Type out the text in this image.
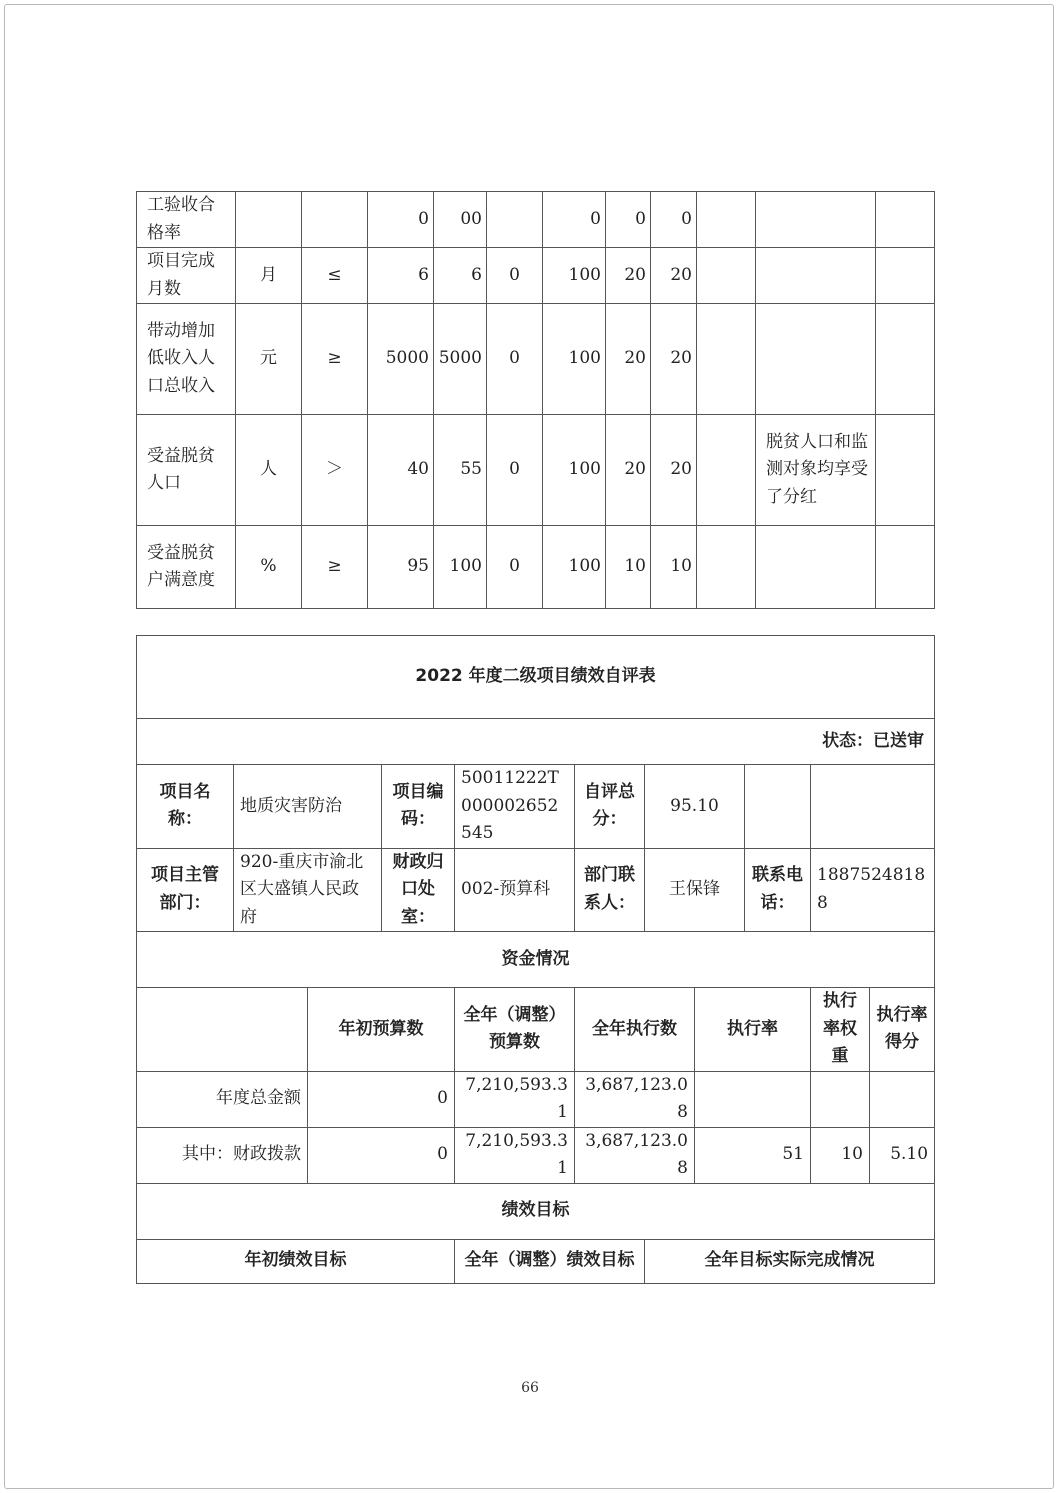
工验收合格率			0	00		0	0	0			
项目完成月数	月	≤	6	6	0	100	20	20			
带动增加低收入人口总收入	元	≥	5000	5000	0	100	20	20			
受益脱贫人口	人	＞	40	55	0	100	20	20		脱贫人口和监测对象均享受了分红	
受益脱贫户满意度	%	≥	95	100	0	100	10	10			
2022 年度二级项目绩效自评表										
状态：已送审										
项目名称：	地质灾害防治		项目编码：	50011222T000002652545	自评总分：	95.10				
项目主管部门：	920-重庆市渝北区大盛镇人民政府		财政归口处室：	002-预算科	部门联系人：	王保锋		联系电话：	18875248188	
资金情况										
		年初预算数		全年（调整）预算数	全年执行数		执行率		执行率权重	执行率得分
年度总金额		0		7,210,593.31	3,687,123.08					
其中：财政拨款		0		7,210,593.31	3,687,123.08		51		10	5.10
绩效目标										
年初绩效目标				全年（调整）绩效目标		全年目标实际完成情况				
66
